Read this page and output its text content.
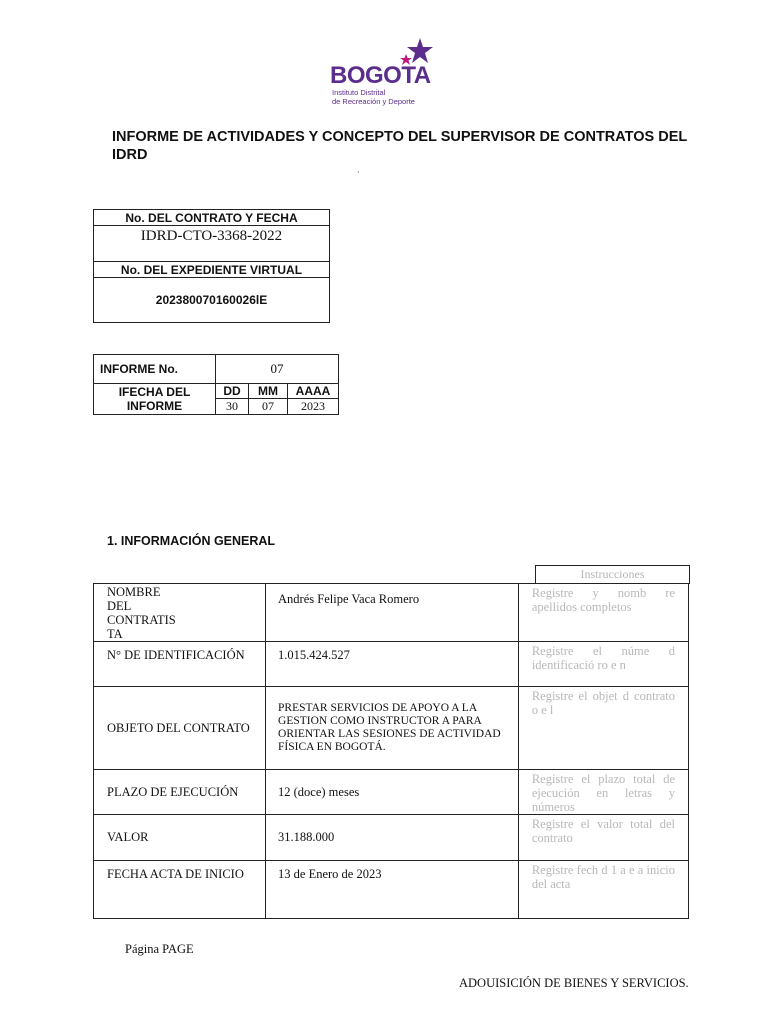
BOGOTA
Instituto Distrital
de Recreación y Deporte
INFORME DE ACTIVIDADES Y CONCEPTO DEL SUPERVISOR DE CONTRATOS DEL IDRD
·
No. DEL CONTRATO Y FECHA
IDRD-CTO-3368-2022
No. DEL EXPEDIENTE VIRTUAL
202380070160026lE
INFORME No.	07		

IFECHA DEL
INFORME	DD	MM	AAAA
	30	07	2023
1. INFORMACIÓN GENERAL
Instrucciones
NOMBRE
DEL
CONTRATIS
TA	Andrés Felipe Vaca Romero	Registre y nomb re apellidos completos
N° DE IDENTIFICACIÓN	1.015.424.527	Registre el núme d identificació ro e n
OBJETO DEL CONTRATO	PRESTAR SERVICIOS DE APOYO A LA GESTION COMO INSTRUCTOR A PARA ORIENTAR LAS SESIONES DE ACTIVIDAD FÍSICA EN BOGOTÁ.	Registre el objet d contrato o e l
PLAZO DE EJECUCIÓN	12 (doce) meses	Registre el plazo total de ejecución en letras y números
VALOR	31.188.000	Registre el valor total del contrato
FECHA ACTA DE INICIO	13 de Enero de 2023	Registre fech d 1 a e a inicio del acta
Página PAGE
ADOUISICIÓN DE BIENES Y SERVICIOS.
